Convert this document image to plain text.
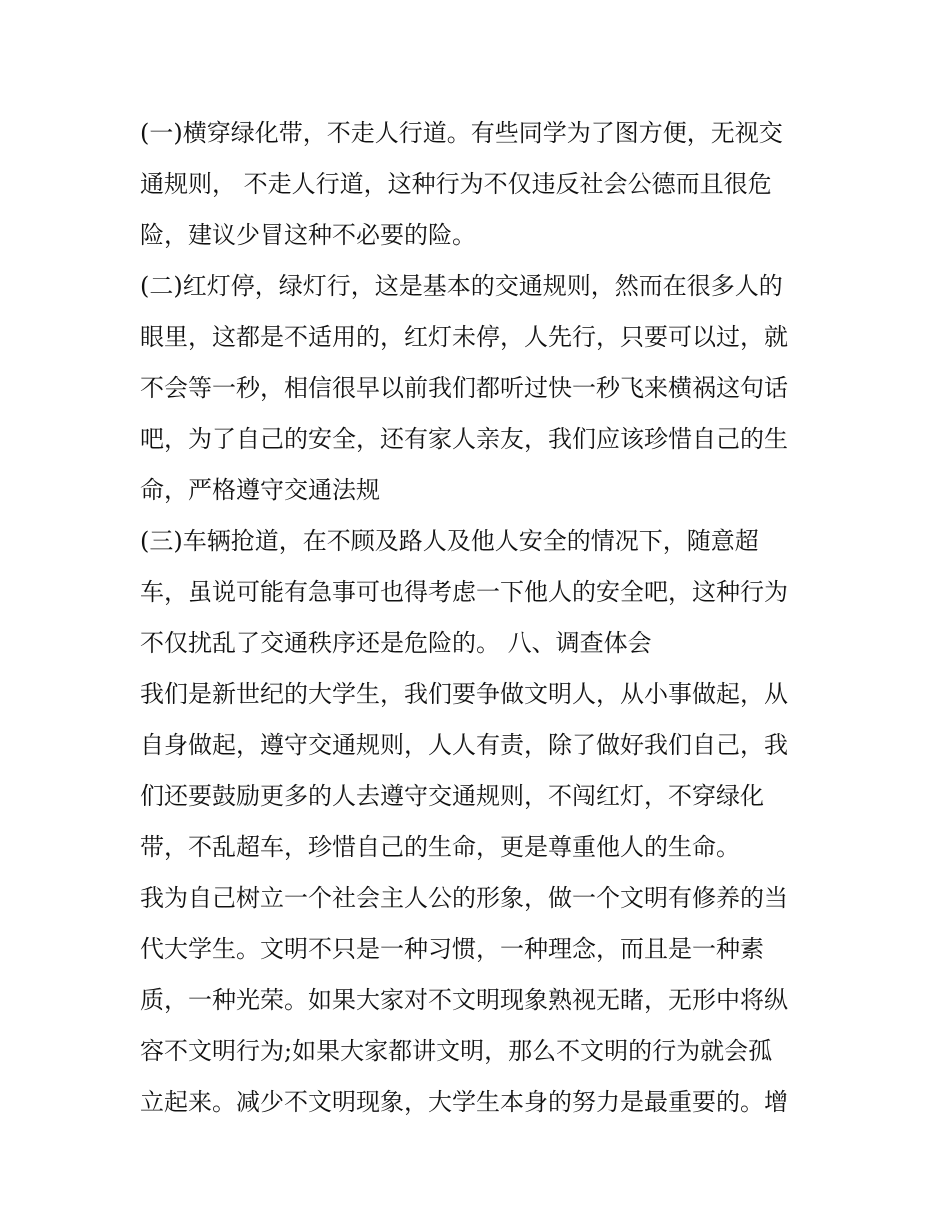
(一)横穿绿化带，不走人行道。有些同学为了图方便，无视交

通规则， 不走人行道，这种行为不仅违反社会公德而且很危

险，建议少冒这种不必要的险。

(二)红灯停，绿灯行，这是基本的交通规则，然而在很多人的

眼里，这都是不适用的，红灯未停，人先行，只要可以过，就

不会等一秒，相信很早以前我们都听过快一秒飞来横祸这句话

吧，为了自己的安全，还有家人亲友，我们应该珍惜自己的生

命，严格遵守交通法规

(三)车辆抢道，在不顾及路人及他人安全的情况下，随意超

车，虽说可能有急事可也得考虑一下他人的安全吧，这种行为

不仅扰乱了交通秩序还是危险的。 八、调查体会

我们是新世纪的大学生，我们要争做文明人，从小事做起，从

自身做起，遵守交通规则，人人有责，除了做好我们自己，我

们还要鼓励更多的人去遵守交通规则，不闯红灯，不穿绿化

带，不乱超车，珍惜自己的生命，更是尊重他人的生命。

我为自己树立一个社会主人公的形象，做一个文明有修养的当

代大学生。文明不只是一种习惯，一种理念，而且是一种素

质，一种光荣。如果大家对不文明现象熟视无睹，无形中将纵

容不文明行为;如果大家都讲文明，那么不文明的行为就会孤

立起来。减少不文明现象，大学生本身的努力是最重要的。增
